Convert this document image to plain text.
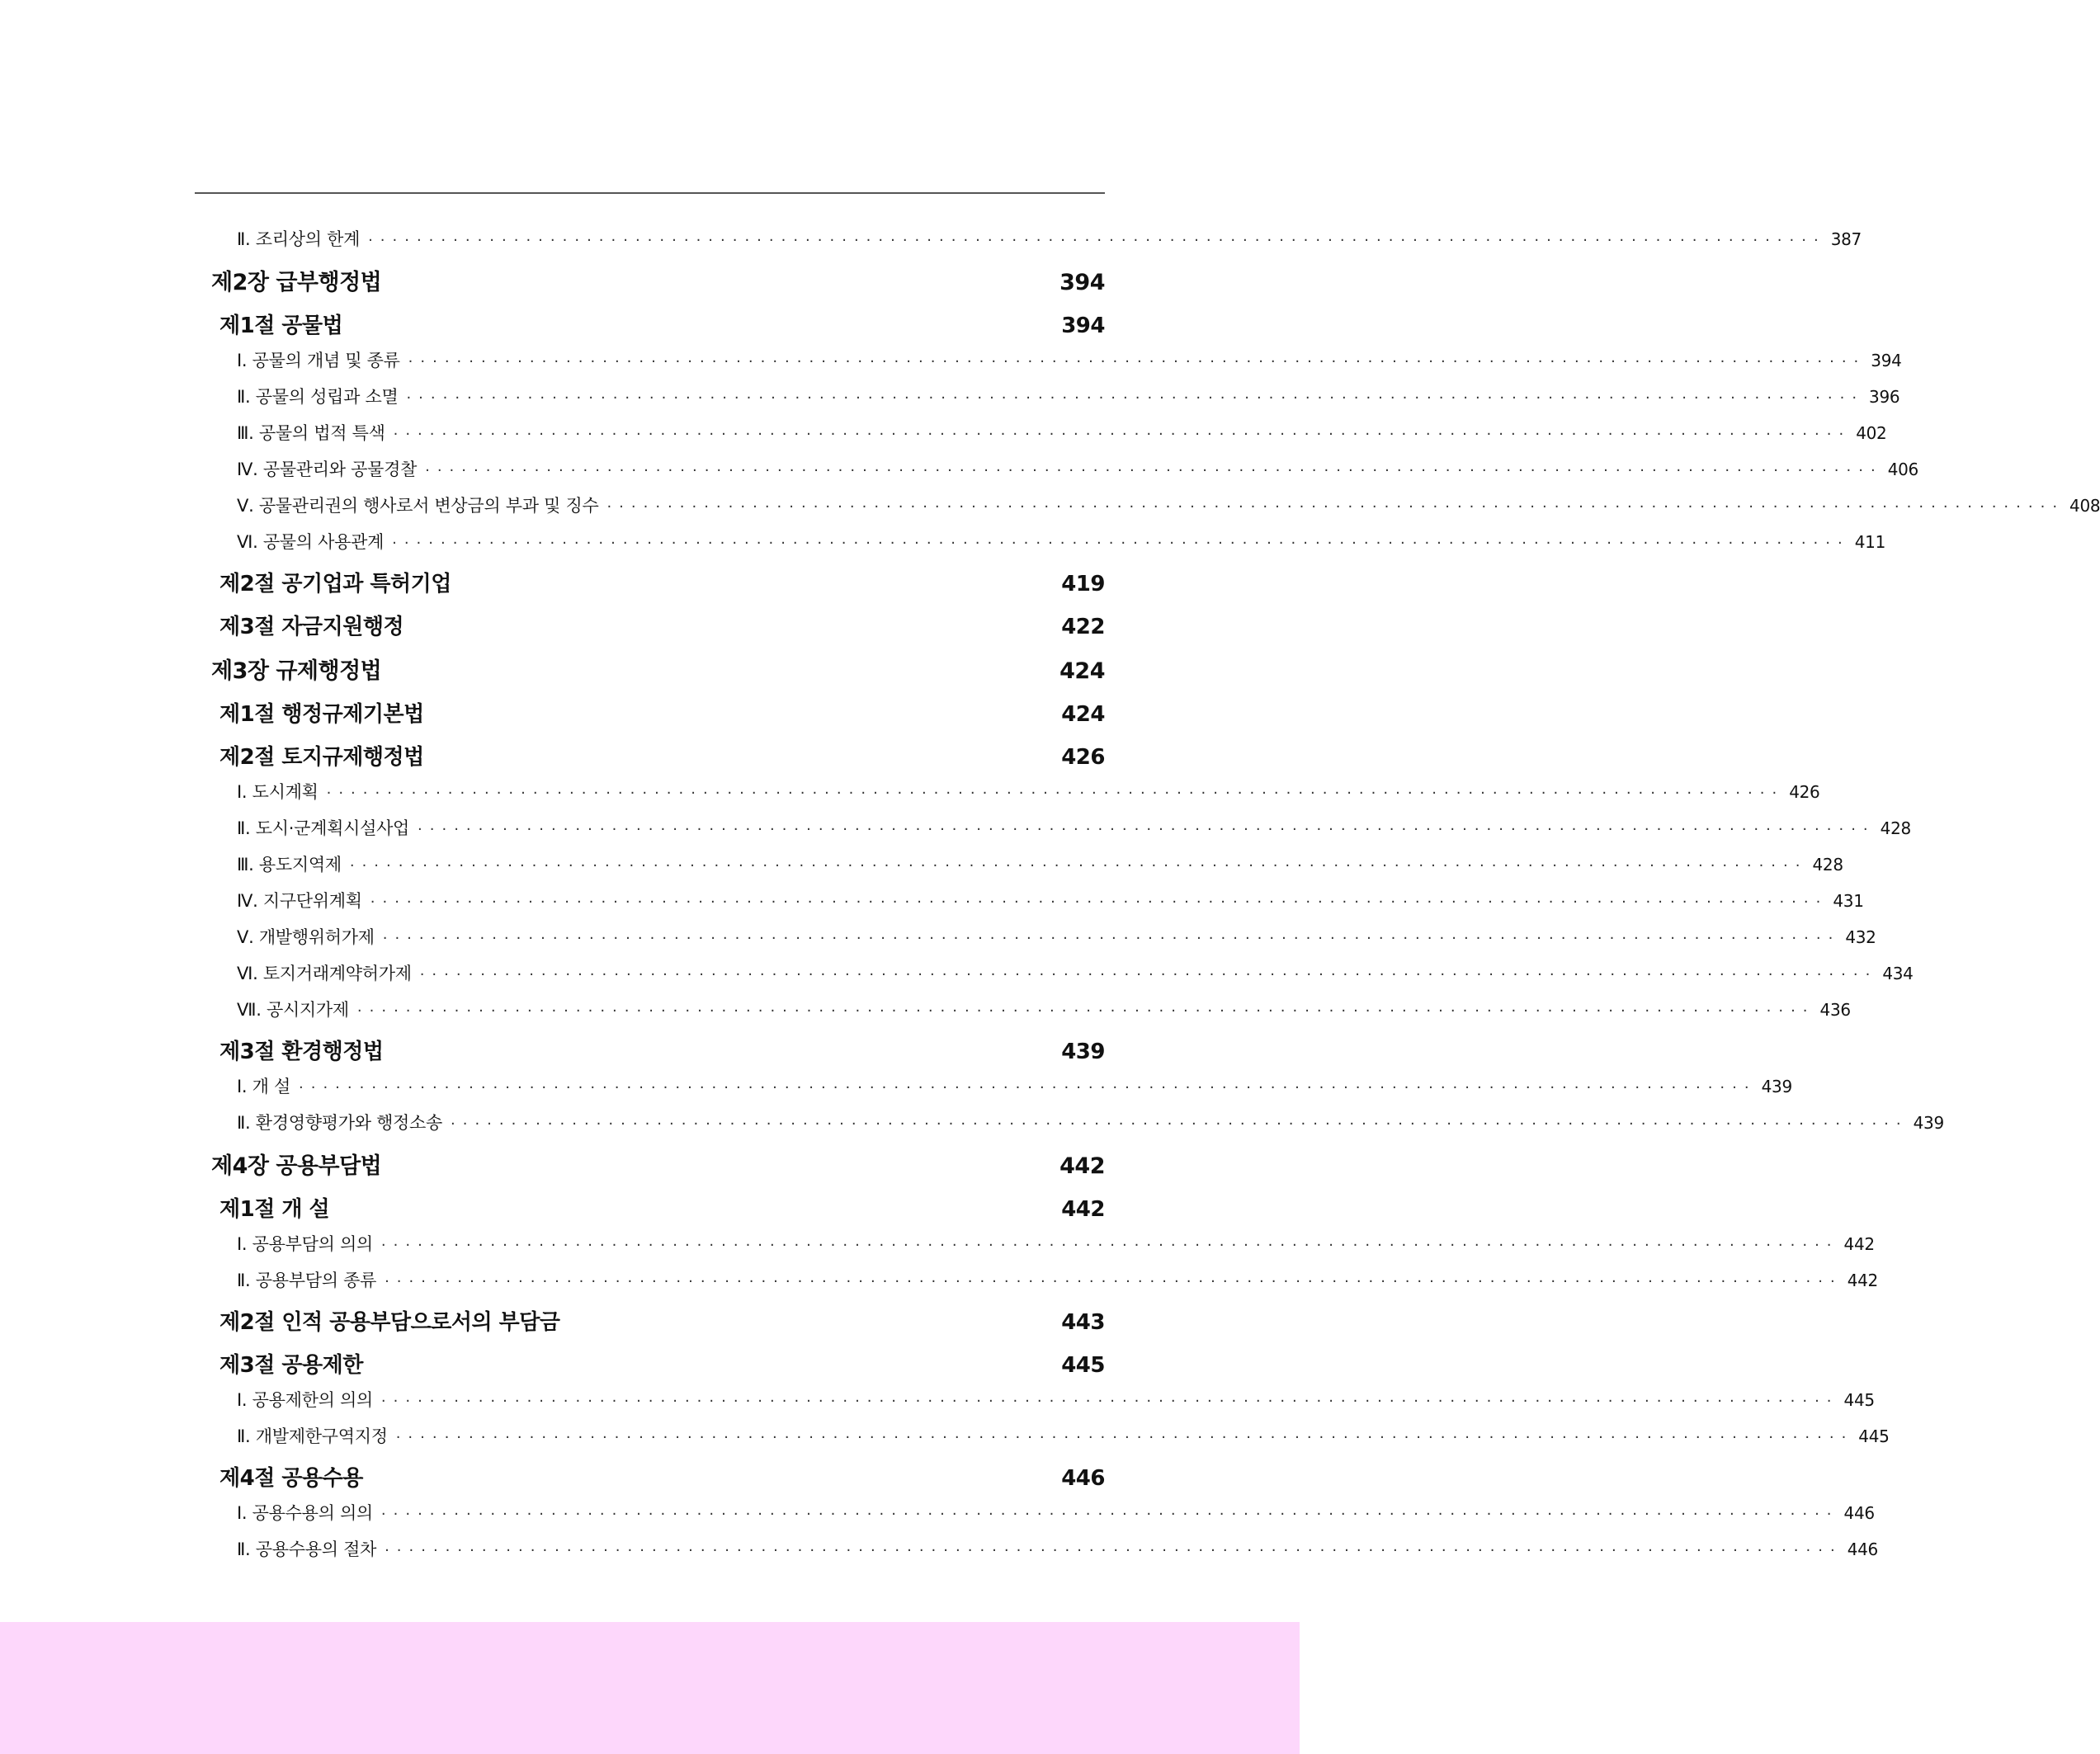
Ⅱ. 조리상의 한계 ························································································································ 387
제2장 급부행정법	394
제1절 공물법	394
Ⅰ. 공물의 개념 및 종류 ························································································································ 394
Ⅱ. 공물의 성립과 소멸 ························································································································ 396
Ⅲ. 공물의 법적 특색 ························································································································ 402
Ⅳ. 공물관리와 공물경찰 ························································································································ 406
Ⅴ. 공물관리권의 행사로서 변상금의 부과 및 징수 ························································································································ 408
Ⅵ. 공물의 사용관계 ························································································································ 411
제2절 공기업과 특허기업	419
제3절 자금지원행정	422
제3장 규제행정법	424
제1절 행정규제기본법	424
제2절 토지규제행정법	426
Ⅰ. 도시계획 ························································································································ 426
Ⅱ. 도시·군계획시설사업 ························································································································ 428
Ⅲ. 용도지역제 ························································································································ 428
Ⅳ. 지구단위계획 ························································································································ 431
Ⅴ. 개발행위허가제 ························································································································ 432
Ⅵ. 토지거래계약허가제 ························································································································ 434
Ⅶ. 공시지가제 ························································································································ 436
제3절 환경행정법	439
Ⅰ. 개 설 ························································································································ 439
Ⅱ. 환경영향평가와 행정소송 ························································································································ 439
제4장 공용부담법	442
제1절 개 설	442
Ⅰ. 공용부담의 의의 ························································································································ 442
Ⅱ. 공용부담의 종류 ························································································································ 442
제2절 인적 공용부담으로서의 부담금	443
제3절 공용제한	445
Ⅰ. 공용제한의 의의 ························································································································ 445
Ⅱ. 개발제한구역지정 ························································································································ 445
제4절 공용수용	446
Ⅰ. 공용수용의 의의 ························································································································ 446
Ⅱ. 공용수용의 절차 ························································································································ 446
